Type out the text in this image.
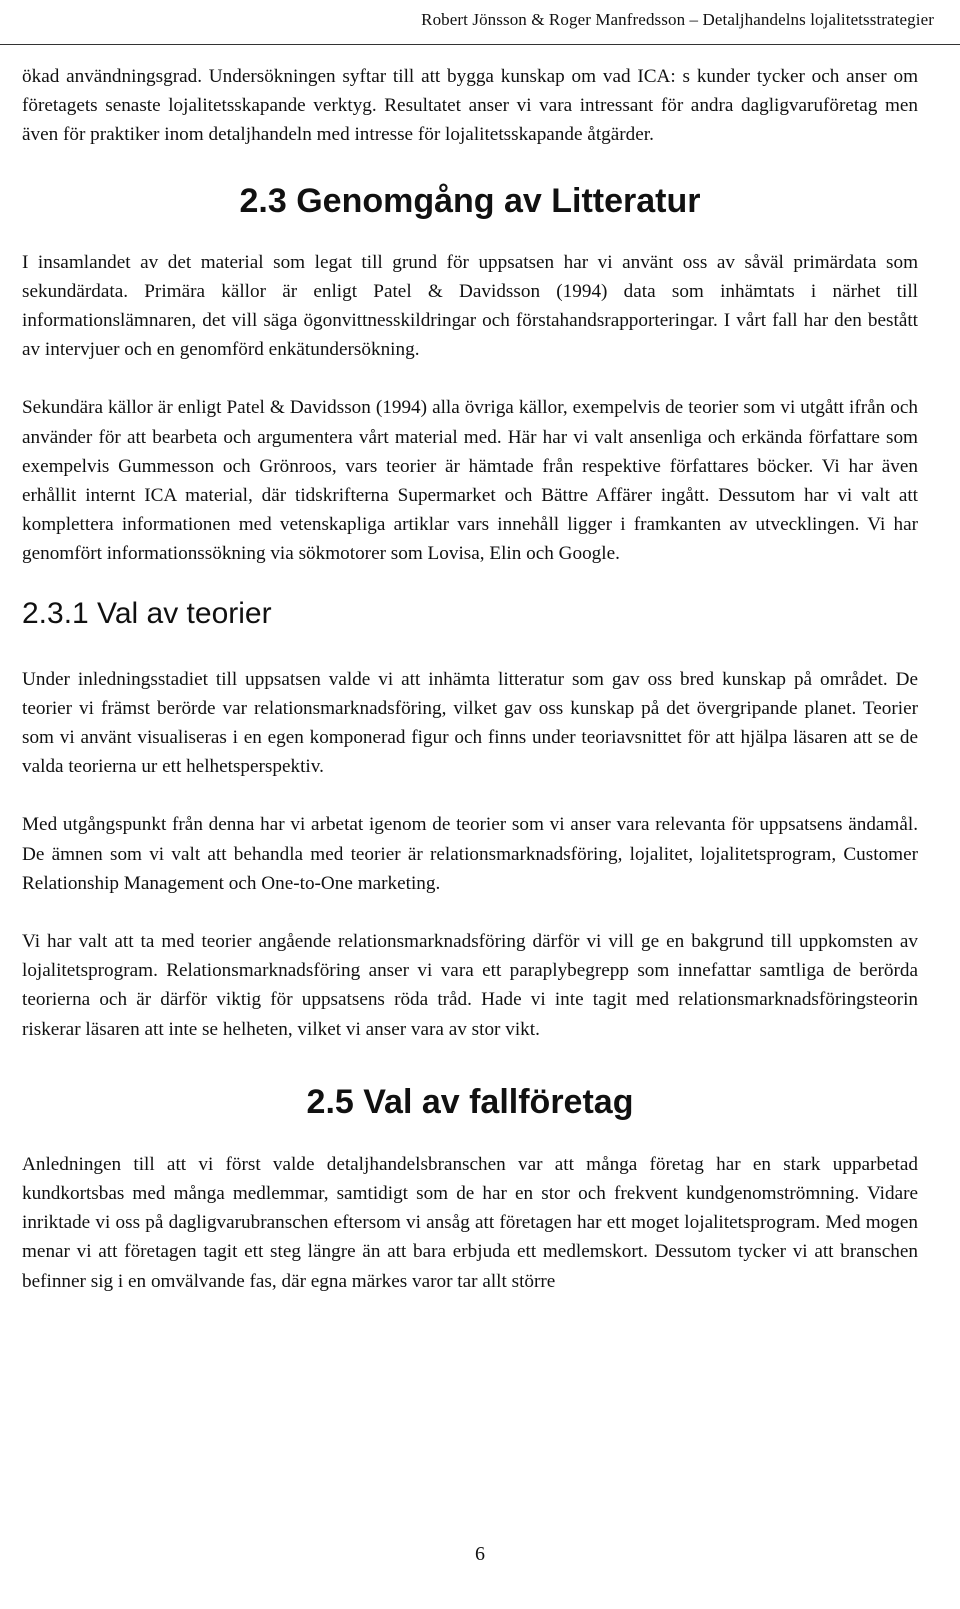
Robert Jönsson & Roger Manfredsson – Detaljhandelns lojalitetsstrategier

ökad användningsgrad. Undersökningen syftar till att bygga kunskap om vad ICA: s kunder tycker och anser om företagets senaste lojalitetsskapande verktyg. Resultatet anser vi vara intressant för andra dagligvaruföretag men även för praktiker inom detaljhandeln med intresse för lojalitetsskapande åtgärder.

2.3 Genomgång av Litteratur

I insamlandet av det material som legat till grund för uppsatsen har vi använt oss av såväl primärdata som sekundärdata. Primära källor är enligt Patel & Davidsson (1994) data som inhämtats i närhet till informationslämnaren, det vill säga ögonvittnesskildringar och förstahandsrapporteringar. I vårt fall har den bestått av intervjuer och en genomförd enkätundersökning.

Sekundära källor är enligt Patel & Davidsson (1994) alla övriga källor, exempelvis de teorier som vi utgått ifrån och använder för att bearbeta och argumentera vårt material med. Här har vi valt ansenliga och erkända författare som exempelvis Gummesson och Grönroos, vars teorier är hämtade från respektive författares böcker. Vi har även erhållit internt ICA material, där tidskrifterna Supermarket och Bättre Affärer ingått. Dessutom har vi valt att komplettera informationen med vetenskapliga artiklar vars innehåll ligger i framkanten av utvecklingen. Vi har genomfört informationssökning via sökmotorer som Lovisa, Elin och Google.

2.3.1 Val av teorier

Under inledningsstadiet till uppsatsen valde vi att inhämta litteratur som gav oss bred kunskap på området. De teorier vi främst berörde var relationsmarknadsföring, vilket gav oss kunskap på det övergripande planet. Teorier som vi använt visualiseras i en egen komponerad figur och finns under teoriavsnittet för att hjälpa läsaren att se de valda teorierna ur ett helhetsperspektiv.

Med utgångspunkt från denna har vi arbetat igenom de teorier som vi anser vara relevanta för uppsatsens ändamål. De ämnen som vi valt att behandla med teorier är relationsmarknadsföring, lojalitet, lojalitetsprogram, Customer Relationship Management och One-to-One marketing.

Vi har valt att ta med teorier angående relationsmarknadsföring därför vi vill ge en bakgrund till uppkomsten av lojalitetsprogram. Relationsmarknadsföring anser vi vara ett paraplybegrepp som innefattar samtliga de berörda teorierna och är därför viktig för uppsatsens röda tråd. Hade vi inte tagit med relationsmarknadsföringsteorin riskerar läsaren att inte se helheten, vilket vi anser vara av stor vikt.

2.5 Val av fallföretag

Anledningen till att vi först valde detaljhandelsbranschen var att många företag har en stark upparbetad kundkortsbas med många medlemmar, samtidigt som de har en stor och frekvent kundgenomströmning. Vidare inriktade vi oss på dagligvarubranschen eftersom vi ansåg att företagen har ett moget lojalitetsprogram. Med mogen menar vi att företagen tagit ett steg längre än att bara erbjuda ett medlemskort. Dessutom tycker vi att branschen befinner sig i en omvälvande fas, där egna märkes varor tar allt större

6
